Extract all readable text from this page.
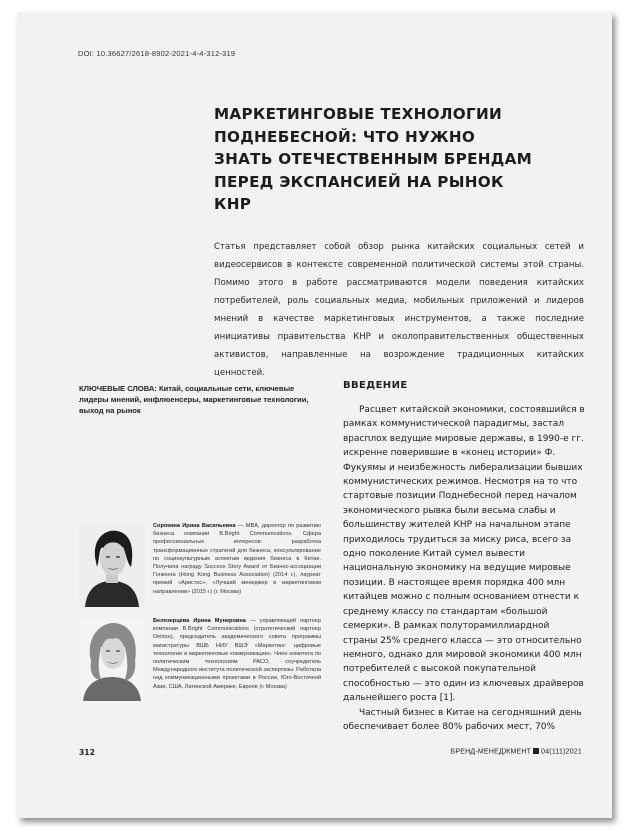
DOI: 10.36627/2618-8902-2021-4-4-312-319
МАРКЕТИНГОВЫЕ ТЕХНОЛОГИИ ПОДНЕБЕСНОЙ: ЧТО НУЖНО ЗНАТЬ ОТЕЧЕСТВЕННЫМ БРЕНДАМ ПЕРЕД ЭКСПАНСИЕЙ НА РЫНОК КНР

Статья представляет собой обзор рынка китайских социальных сетей и видеосервисов в контексте современной политической системы этой страны. Помимо этого в работе рассматриваются модели поведения китайских потребителей, роль социальных медиа, мобильных приложений и лидеров мнений в качестве маркетинговых инструментов, а также последние инициативы правительства КНР и околоправительственных общественных активистов, направленные на возрождение традиционных китайских ценностей.

КЛЮЧЕВЫЕ СЛОВА: Китай, социальные сети, ключевые лидеры мнений, инфлюенсеры, маркетинговые технологии, выход на рынок

Сорокина Ирина Васильевна — MBA, директор по развитию бизнеса компании B.Bright Communications. Сфера профессиональных интересов: разработка трансформационных стратегий для бизнеса, консультирование по социокультурным аспектам ведения бизнеса в Китае. Получила награду Success Story Award от Бизнес-ассоциации Гонконга (Hong Kong Business Association) (2014 г.), лауреат премий «Аристос», «Лучший менеджер в маркетинговом направлении» (2015 г.) (г. Москва)

Белозерцева Ирина Мунеровна — управляющий партнер компании B.Bright Communications (стратегический партнер Dentsu), председатель академического совета программы магистратуры ВШБ НИУ ВШЭ «Маркетинг: цифровые технологии и маркетинговые коммуникации». Член комитета по политическим технологиям РАСО, соучредитель Международного института политической экспертизы. Работала над коммуникационными проектами в России, Юго-Восточной Азии, США, Латинской Америке, Европе (г. Москва)

ВВЕДЕНИЕ

Расцвет китайской экономики, состоявшийся в рамках коммунистической парадигмы, застал врасплох ведущие мировые державы, в 1990-е гг. искренне поверившие в «конец истории» Ф. Фукуямы и неизбежность либерализации бывших коммунистических режимов. Несмотря на то что стартовые позиции Поднебесной перед началом экономического рывка были весьма слабы и большинству жителей КНР на начальном этапе приходилось трудиться за миску риса, всего за одно поколение Китай сумел вывести национальную экономику на ведущие мировые позиции. В настоящее время порядка 400 млн китайцев можно с полным основанием отнести к среднему классу по стандартам «большой семерки». В рамках полуторамиллиардной страны 25% среднего класса — это относительно немного, однако для мировой экономики 400 млн потребителей с высокой покупательной способностью — это один из ключевых драйверов дальнейшего роста [1].

Частный бизнес в Китае на сегодняшний день обеспечивает более 80% рабочих мест, 70%

312	БРЕНД-МЕНЕДЖМЕНТ 04(111)2021
